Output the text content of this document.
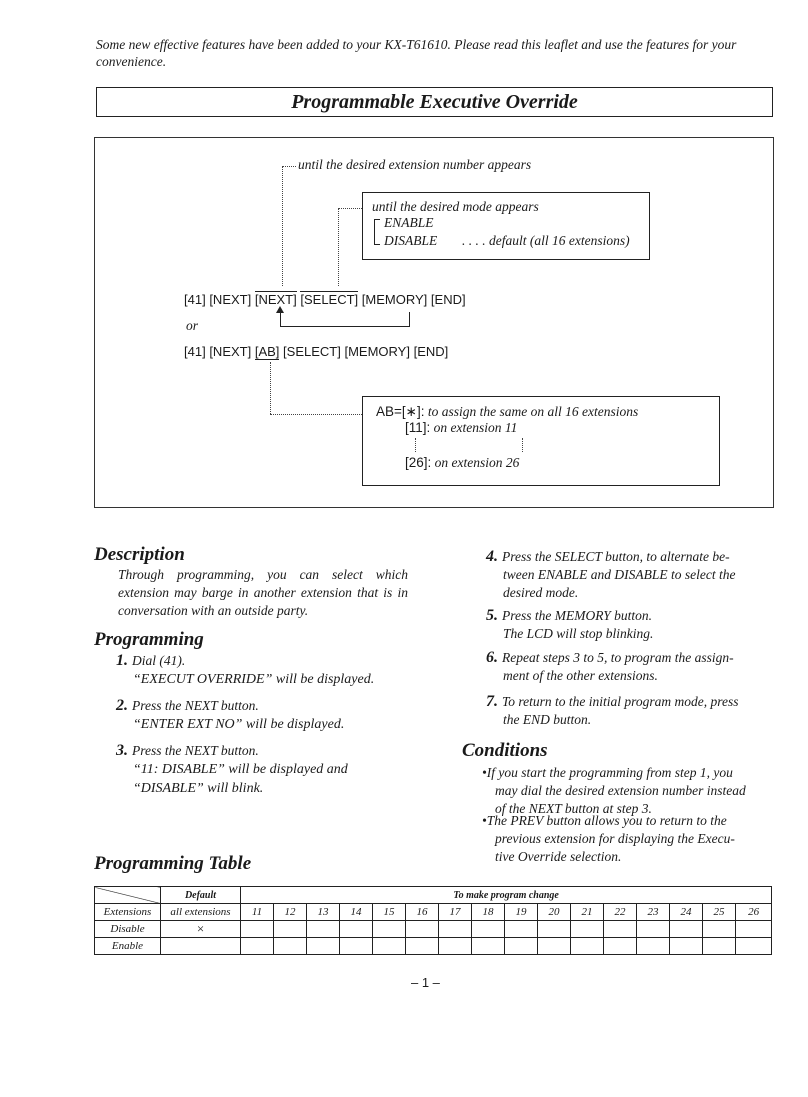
Some new effective features have been added to your KX-T61610. Please read this leaflet and use the features for your convenience.
Programmable Executive Override
until the desired extension number appears
until the desired mode appears
ENABLE
DISABLE . . . . default (all 16 extensions)
[41] [NEXT] [NEXT] [SELECT] [MEMORY] [END]
or
[41] [NEXT] [AB] [SELECT] [MEMORY] [END]
AB=[∗]: to assign the same on all 16 extensions
[11]: on extension 11
[26]: on extension 26
Description
Through programming, you can select which extension may barge in another extension that is in conversation with an outside party.
Programming
1. Dial (41).
“EXECUT OVERRIDE” will be displayed.
2. Press the NEXT button.
“ENTER EXT NO” will be displayed.
3. Press the NEXT button.
“11: DISABLE” will be displayed and
“DISABLE” will blink.
4. Press the SELECT button, to alternate be-
tween ENABLE and DISABLE to select the
desired mode.
5. Press the MEMORY button.
The LCD will stop blinking.
6. Repeat steps 3 to 5, to program the assign-
ment of the other extensions.
7. To return to the initial program mode, press
the END button.
Conditions
•If you start the programming from step 1, you
may dial the desired extension number instead
of the NEXT button at step 3.
•The PREV button allows you to return to the
previous extension for displaying the Execu-
tive Override selection.
Programming Table
	Default	To make program change															
Extensions	all extensions	11	12	13	14	15	16	17	18	19	20	21	22	23	24	25	26
Disable	×																
Enable																	
– 1 –
